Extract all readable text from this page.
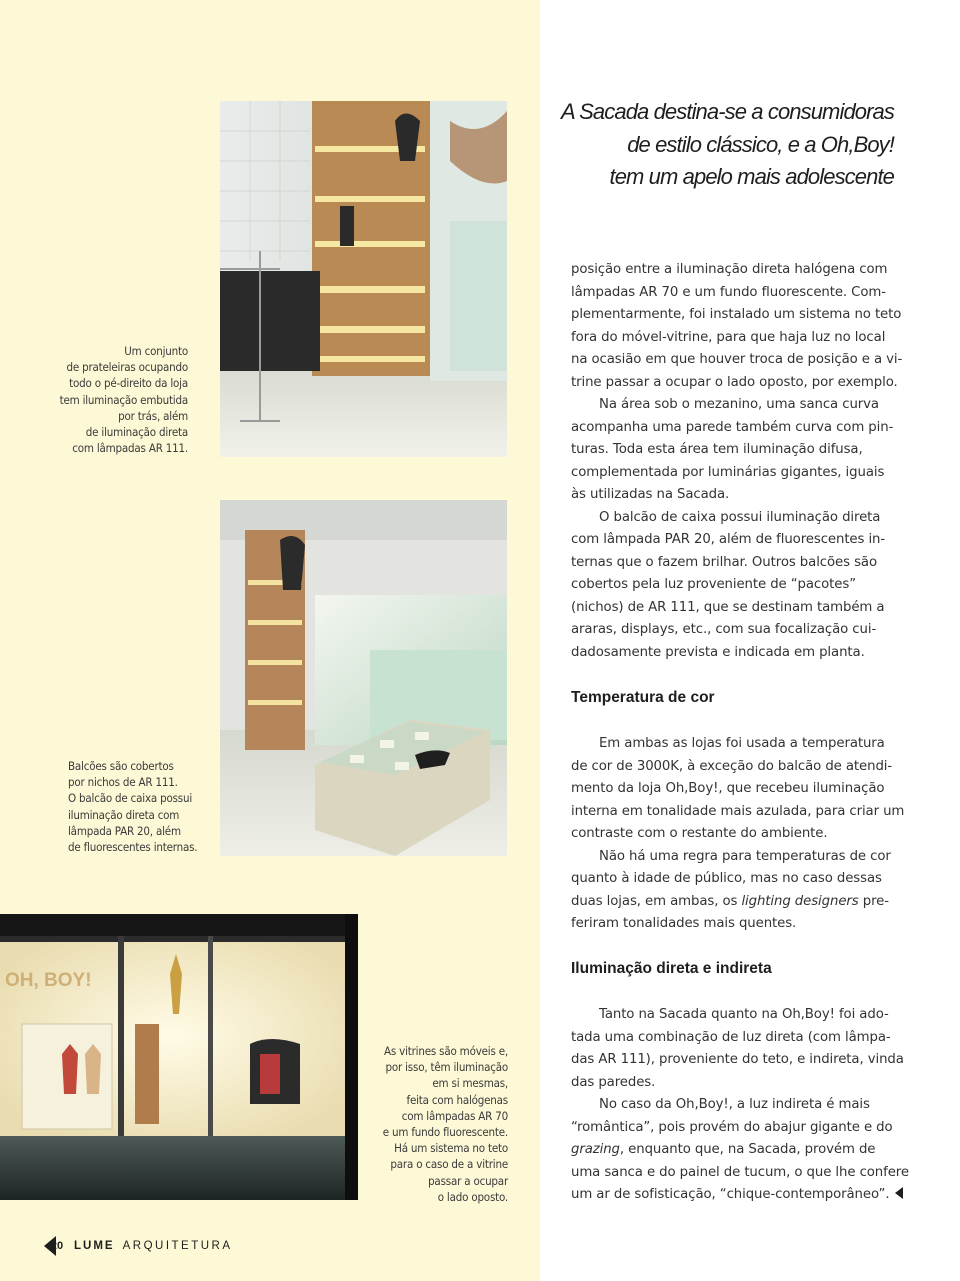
OH, BOY!
Um conjunto
de prateleiras ocupando
todo o pé-direito da loja
tem iluminação embutida
por trás, além
de iluminação direta
com lâmpadas AR 111.
Balcões são cobertos
por nichos de AR 111.
O balcão de caixa possui
iluminação direta com
lâmpada PAR 20, além
de fluorescentes internas.
As vitrines são móveis e,
por isso, têm iluminação
em si mesmas,
feita com halógenas
com lâmpadas AR 70
e um fundo fluorescente.
Há um sistema no teto
para o caso de a vitrine
passar a ocupar
o lado oposto.
A Sacada destina-se a consumidoras
de estilo clássico, e a Oh,Boy!
tem um apelo mais adolescente

posição entre a iluminação direta halógena com
lâmpadas AR 70 e um fundo fluorescente. Com-
plementarmente, foi instalado um sistema no teto
fora do móvel-vitrine, para que haja luz no local
na ocasião em que houver troca de posição e a vi-
trine passar a ocupar o lado oposto, por exemplo.

Na área sob o mezanino, uma sanca curva
acompanha uma parede também curva com pin-
turas. Toda esta área tem iluminação difusa,
complementada por luminárias gigantes, iguais
às utilizadas na Sacada.

O balcão de caixa possui iluminação direta
com lâmpada PAR 20, além de fluorescentes in-
ternas que o fazem brilhar. Outros balcões são
cobertos pela luz proveniente de “pacotes”
(nichos) de AR 111, que se destinam também a
araras, displays, etc., com sua focalização cui-
dadosamente prevista e indicada em planta.

Temperatura de cor

Em ambas as lojas foi usada a temperatura
de cor de 3000K, à exceção do balcão de atendi-
mento da loja Oh,Boy!, que recebeu iluminação
interna em tonalidade mais azulada, para criar um
contraste com o restante do ambiente.

Não há uma regra para temperaturas de cor
quanto à idade de público, mas no caso dessas
duas lojas, em ambas, os lighting designers pre-
feriram tonalidades mais quentes.

Iluminação direta e indireta

Tanto na Sacada quanto na Oh,Boy! foi ado-
tada uma combinação de luz direta (com lâmpa-
das AR 111), proveniente do teto, e indireta, vinda
das paredes.

No caso da Oh,Boy!, a luz indireta é mais
“romântica”, pois provém do abajur gigante e do
grazing, enquanto que, na Sacada, provém de
uma sanca e do painel de tucum, o que lhe confere
um ar de sofisticação, “chique-contemporâneo”.

20 LUME ARQUITETURA
